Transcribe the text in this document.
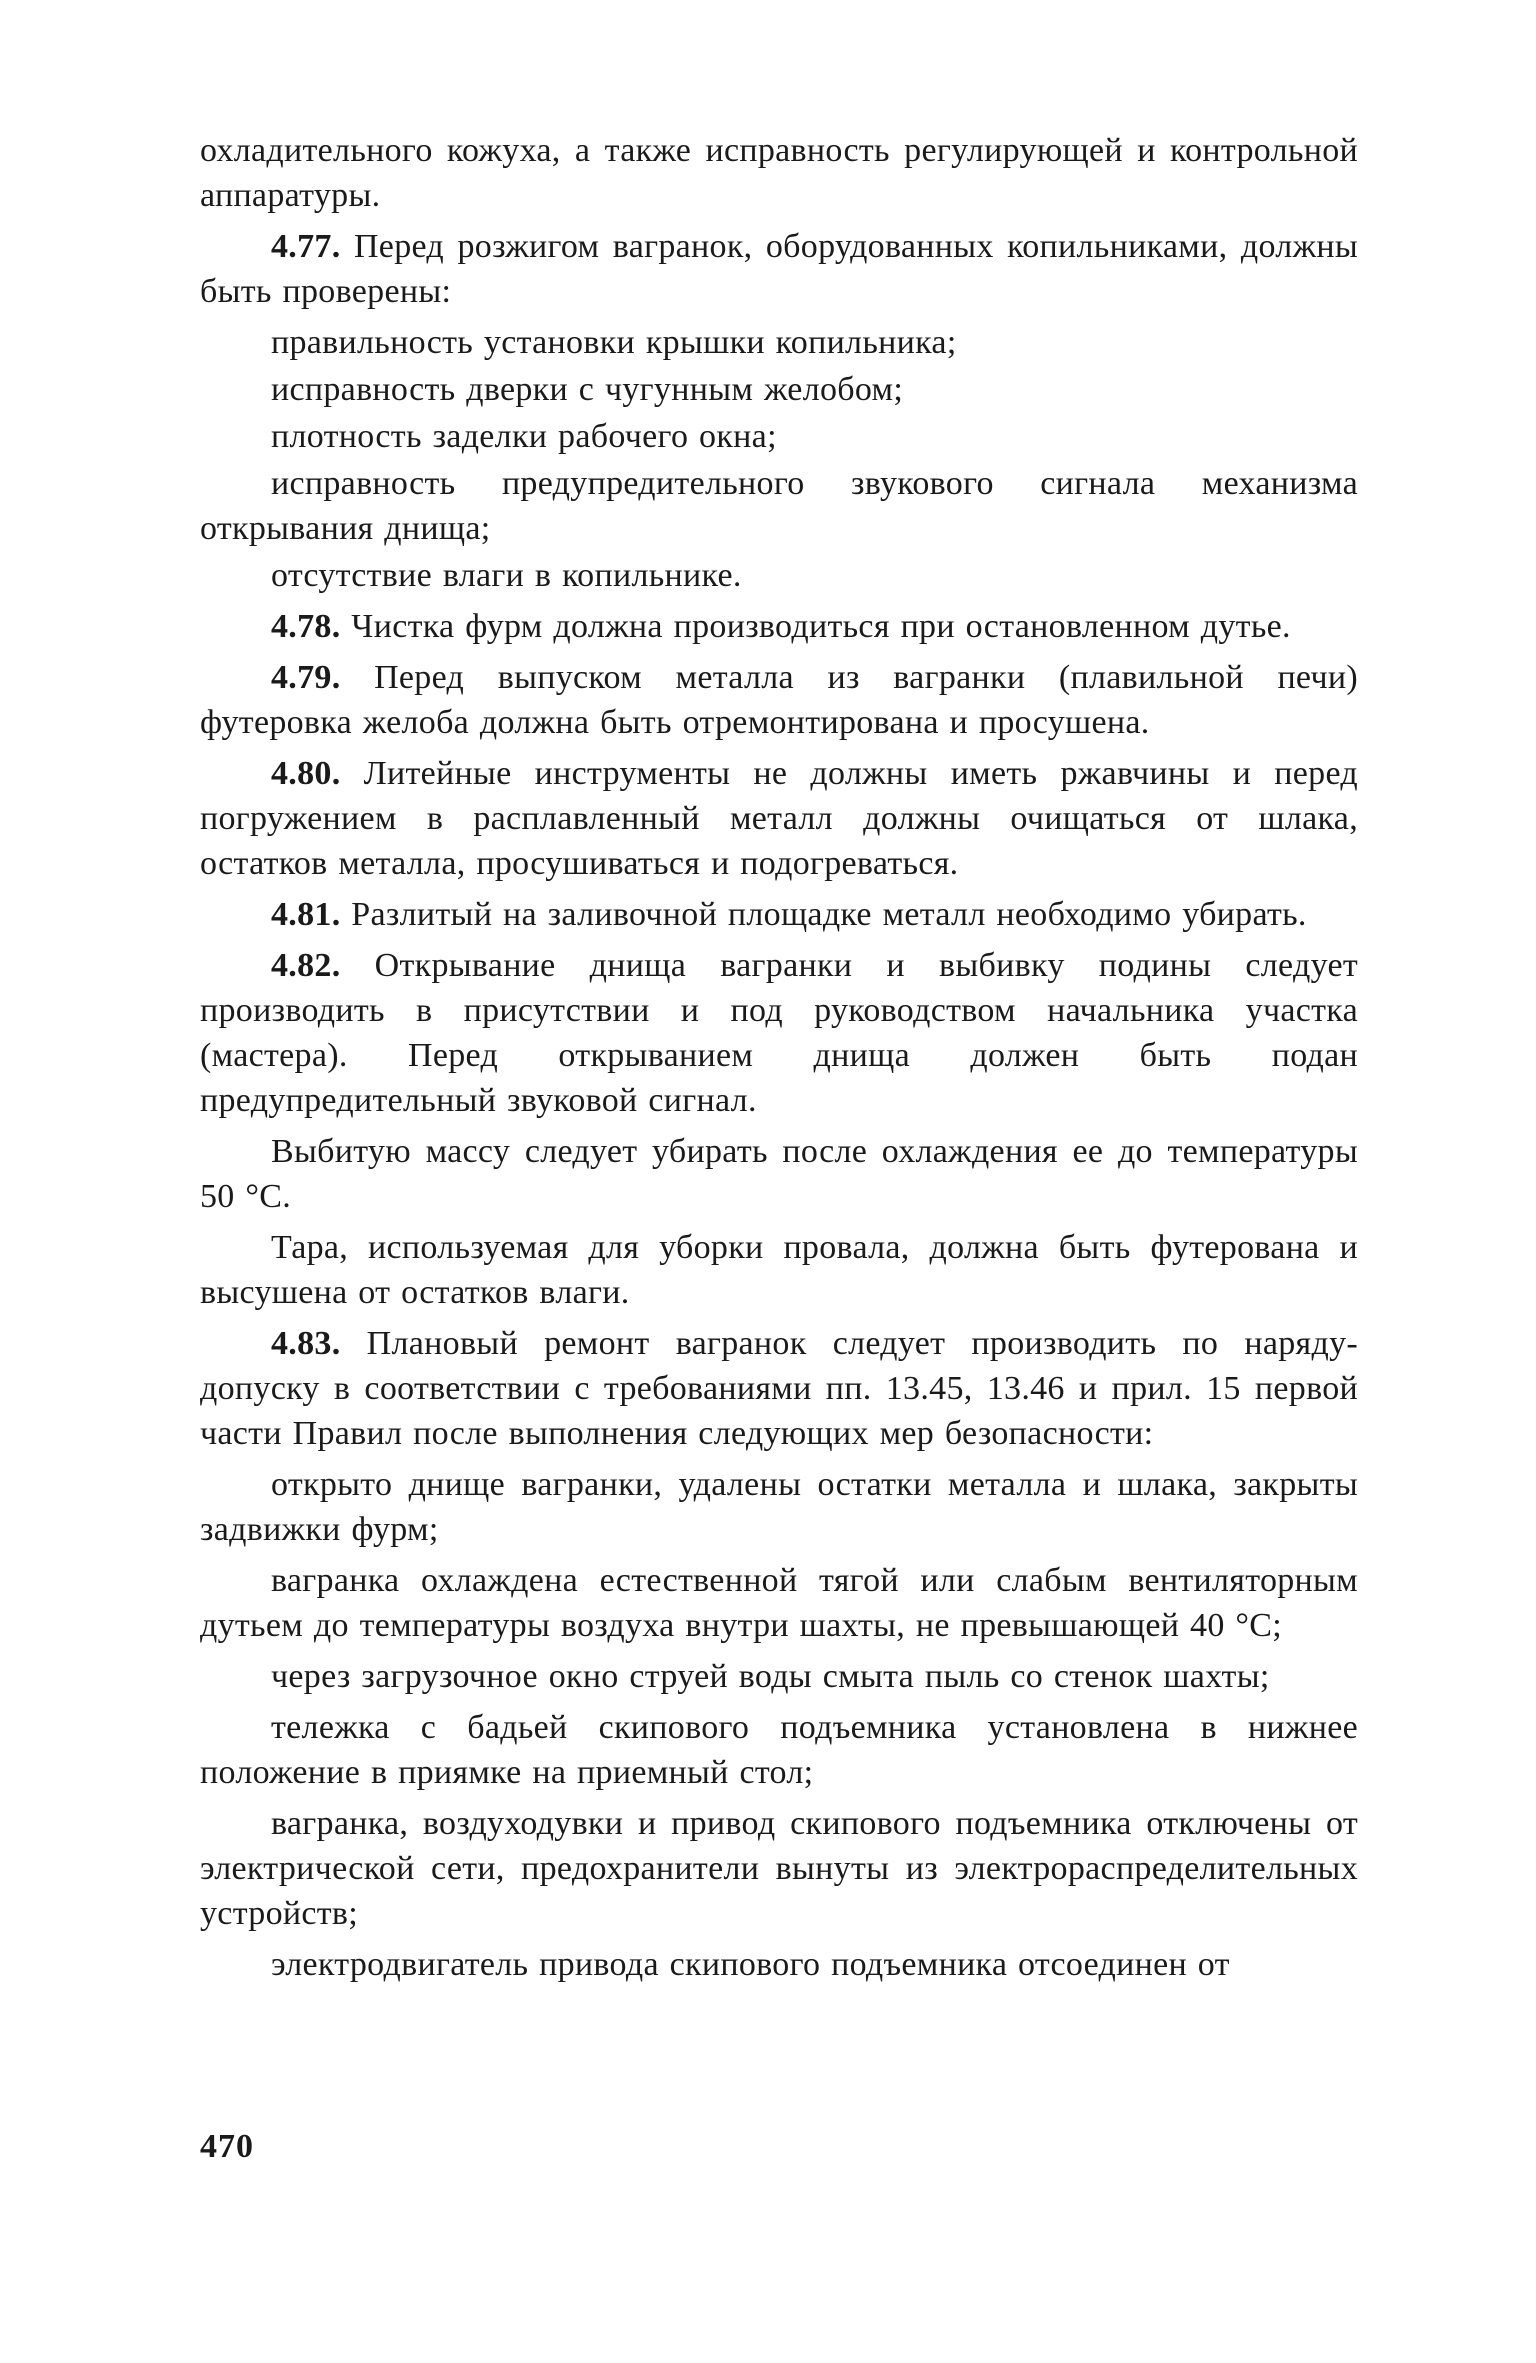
охладительного кожуха, а также исправность регулирующей и контрольной аппаратуры.

4.77. Перед розжигом вагранок, оборудованных копильниками, должны быть проверены:

правильность установки крышки копильника;

исправность дверки с чугунным желобом;

плотность заделки рабочего окна;

исправность предупредительного звукового сигнала механизма открывания днища;

отсутствие влаги в копильнике.

4.78. Чистка фурм должна производиться при остановленном дутье.

4.79. Перед выпуском металла из вагранки (плавильной печи) футеровка желоба должна быть отремонтирована и просушена.

4.80. Литейные инструменты не должны иметь ржавчины и перед погружением в расплавленный металл должны очищаться от шлака, остатков металла, просушиваться и подогреваться.

4.81. Разлитый на заливочной площадке металл необходимо убирать.

4.82. Открывание днища вагранки и выбивку подины следует производить в присутствии и под руководством начальника участка (мастера). Перед открыванием днища должен быть подан предупредительный звуковой сигнал.

Выбитую массу следует убирать после охлаждения ее до температуры 50 °С.

Тара, используемая для уборки провала, должна быть футерована и высушена от остатков влаги.

4.83. Плановый ремонт вагранок следует производить по наряду-допуску в соответствии с требованиями пп. 13.45, 13.46 и прил. 15 первой части Правил после выполнения следующих мер безопасности:

открыто днище вагранки, удалены остатки металла и шлака, закрыты задвижки фурм;

вагранка охлаждена естественной тягой или слабым вентиляторным дутьем до температуры воздуха внутри шахты, не превышающей 40 °С;

через загрузочное окно струей воды смыта пыль со стенок шахты;

тележка с бадьей скипового подъемника установлена в нижнее положение в приямке на приемный стол;

вагранка, воздуходувки и привод скипового подъемника отключены от электрической сети, предохранители вынуты из электрораспределительных устройств;

электродвигатель привода скипового подъемника отсоединен от

470
